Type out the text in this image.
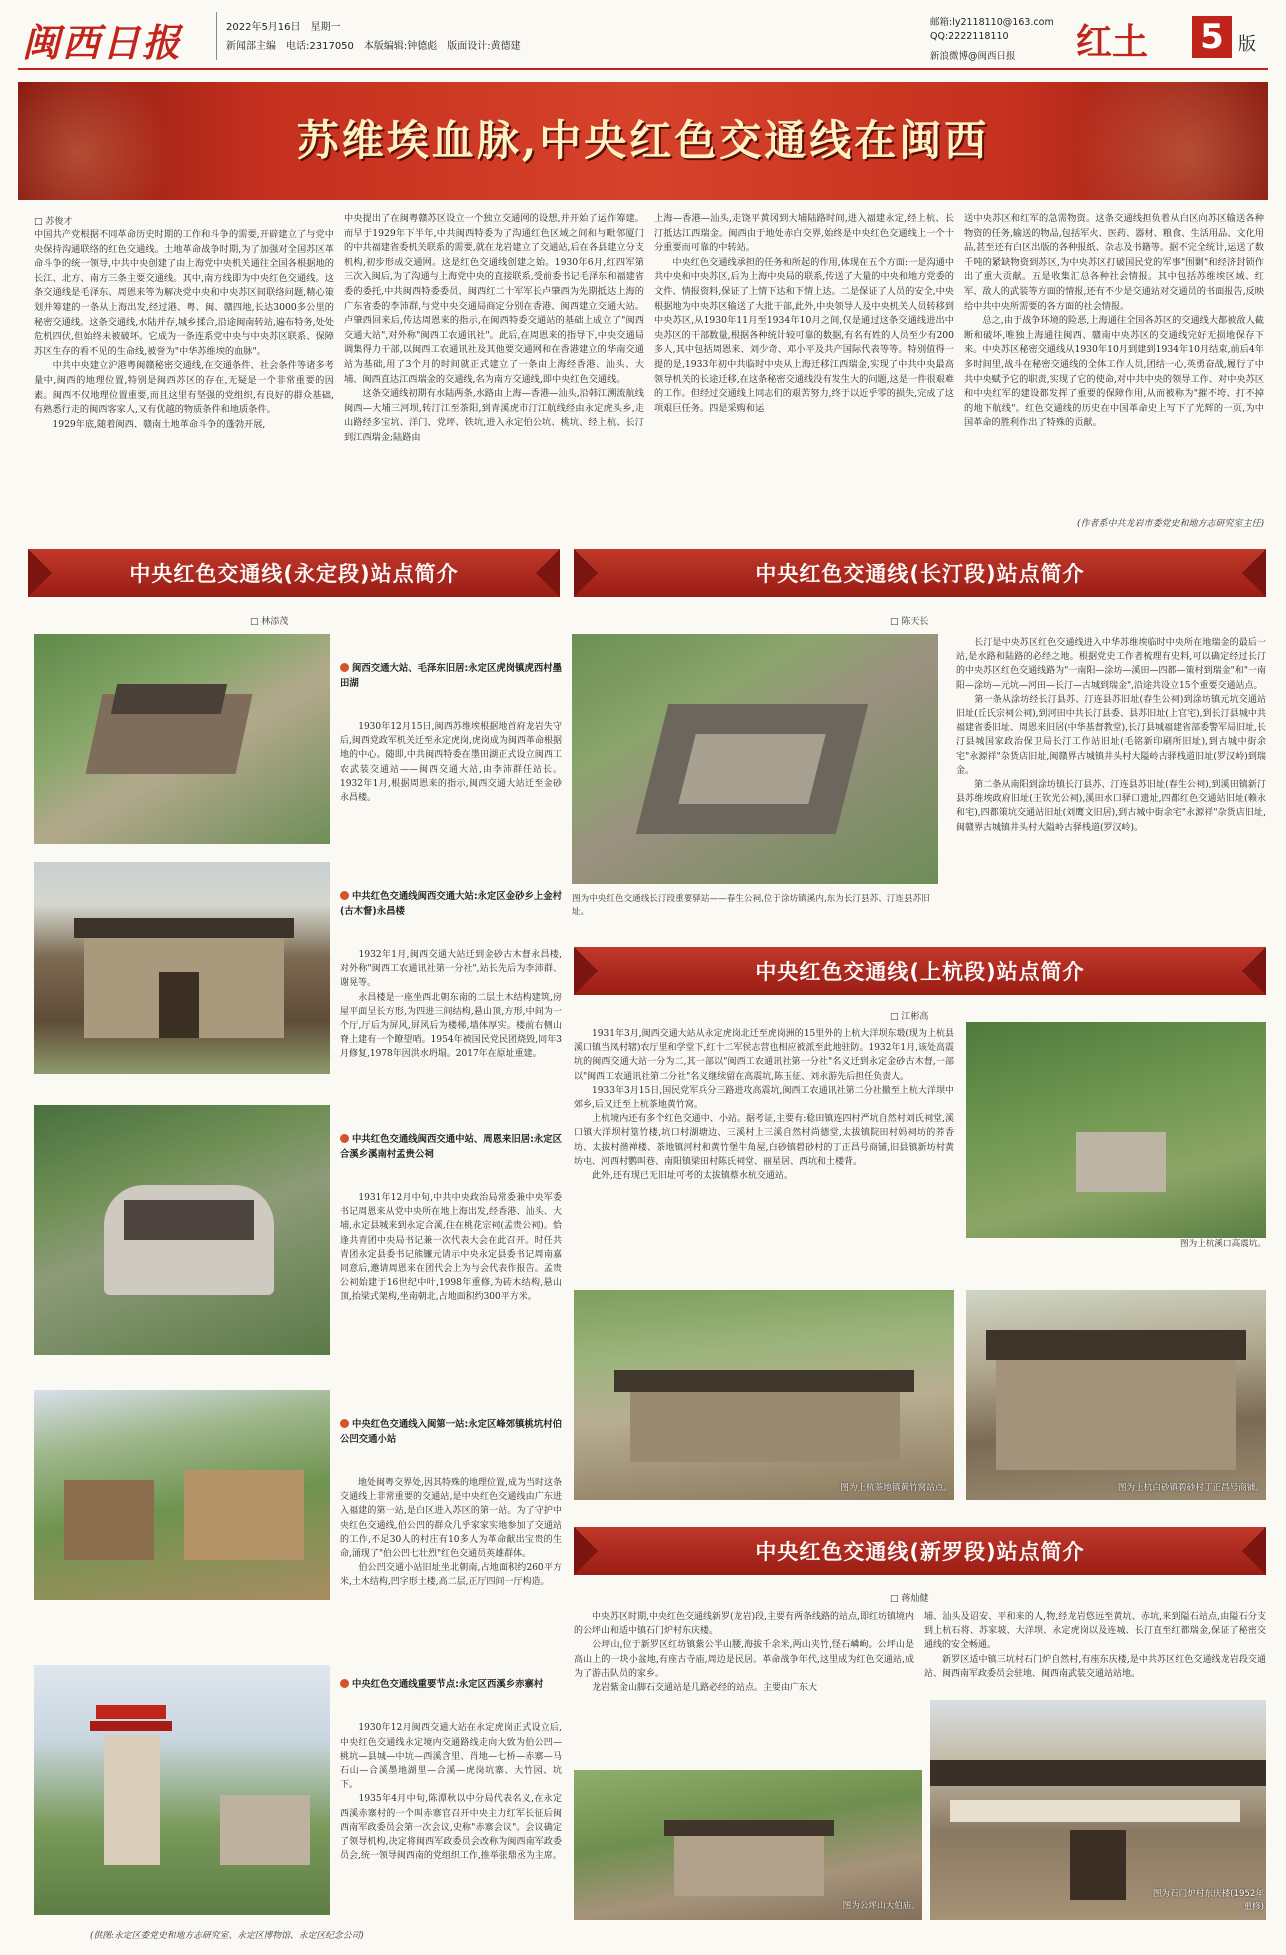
闽西日报	2022年5月16日　星期一
新闻部主编　电话:2317050　本版编辑:钟德彪　版面设计:黄德建
邮箱:ly2118110@163.com
QQ:2222118110
新浪微博@闽西日报 红土 5 版
苏维埃血脉,中央红色交通线在闽西
□ 苏俊才
中国共产党根据不同革命历史时期的工作和斗争的需要,开辟建立了与党中央保持沟通联络的红色交通线。土地革命战争时期,为了加强对全国苏区革命斗争的统一领导,中共中央创建了由上海党中央机关通往全国各根据地的长江、北方、南方三条主要交通线。其中,南方线即为中央红色交通线。这条交通线是毛泽东、周恩来等为解决党中央和中央苏区间联络问题,精心策划并筹建的一条从上海出发,经过港、粤、闽、赣四地,长达3000多公里的秘密交通线。这条交通线,水陆并存,城乡揉合,沿途闽南转站,遍布特务,处处危机四伏,但始终未被破坏。它成为一条连系党中央与中央苏区联系、保障苏区生存的看不见的生命线,被誉为"中华苏维埃的血脉"。
　　中共中央建立沪港粤闽赣秘密交通线,在交通条件、社会条件等诸多考量中,闽西的地理位置,特别是闽西苏区的存在,无疑是一个非常重要的因素。闽西不仅地理位置重要,而且这里有坚强的党组织,有良好的群众基础,有熟悉行走的闽西客家人,又有优越的物质条件和地质条件。
　　1929年底,随着闽西、赣南土地革命斗争的蓬勃开展,
中央提出了在闽粤赣苏区设立一个独立交通网的设想,并开始了运作筹建。而早于1929年下半年,中共闽西特委为了沟通红色区域之间和与毗邻厦门的中共福建省委机关联系的需要,就在龙岩建立了交通站,后在各县建立分支机构,初步形成交通网。这是红色交通线创建之始。1930年6月,红四军第三次入闽后,为了沟通与上海党中央的直接联系,受前委书记毛泽东和福建省委的委托,中共闽西特委委员、闽西红二十军军长卢肇西为先期抵达上海的广东省委的李沛群,与党中央交通局商定分别在香港、闽西建立交通大站。卢肇西回来后,传达周恩来的指示,在闽西特委交通站的基础上成立了"闽西交通大站",对外称"闽西工农通讯社"。此后,在周恩来的指导下,中央交通局调集得力干部,以闽西工农通讯社及其他要交通网和在香港建立的华南交通站为基础,用了3个月的时间就正式建立了一条由上海经香港、汕头、大埔、闽西直达江西瑞金的交通线,名为南方交通线,即中央红色交通线。
　　这条交通线初期有水陆两条,水路由上海—香港—汕头,沿韩江溯流航线闽西—大埔三河坝,转汀江至茶阳,到青溪虎市汀江航线经由永定虎头乡,走山路经多宝坑、洋门、党坪、铁坑,进入永定伯公坑、桃坑、经上杭、长汀到江西瑞金;陆路由
上海—香港—汕头,走饶平黄冈到大埔陆路时间,进入福建永定,经上杭、长汀抵达江西瑞金。闽西由于地处赤白交界,始终是中央红色交通线上一个十分重要而可靠的中转站。
　　中央红色交通线承担的任务和所起的作用,体现在五个方面:一是沟通中共中央和中央苏区,后为上海中央局的联系,传送了大量的中央和地方党委的文件、情报资料,保证了上情下达和下情上达。二是保证了人员的安全,中央根据地为中央苏区输送了大批干部,此外,中央领导人及中央机关人员转移到中央苏区,从1930年11月至1934年10月之间,仅是通过这条交通线进出中央苏区的干部数量,根据各种统计较可靠的数据,有名有姓的人员至少有200多人,其中包括周恩来、刘少奇、邓小平及共产国际代表等等。特别值得一提的是,1933年初中共临时中央从上海迁移江西瑞金,实现了中共中央最高领导机关的长途迁移,在这条秘密交通线没有发生大的问题,这是一件很艰难的工作。但经过交通线上同志们的艰苦努力,终于以近乎零的损失,完成了这项艰巨任务。四是采购和运
送中央苏区和红军的急需物资。这条交通线担负着从白区向苏区输送各种物资的任务,输送的物品,包括军火、医药、器材、粮食、生活用品、文化用品,甚至还有白区出版的各种报纸、杂志及书籍等。据不完全统计,运送了数千吨的紧缺物资到苏区,为中央苏区打破国民党的军事"围剿"和经济封锁作出了重大贡献。五是收集汇总各种社会情报。其中包括苏维埃区域、红军、敌人的武装等方面的情报,还有不少是交通站对交通员的书面报告,反映给中共中央所需要的各方面的社会情报。
　　总之,由于战争环境的险恶,上海通往全国各苏区的交通线大都被敌人截断和破坏,唯独上海通往闽西、赣南中央苏区的交通线完好无损地保存下来。中央苏区秘密交通线从1930年10月到建到1934年10月结束,前后4年多时间里,战斗在秘密交通线的全体工作人员,团结一心,英勇奋战,履行了中共中央赋予它的职责,实现了它的使命,对中共中央的领导工作、对中央苏区和中央红军的建设都发挥了重要的保障作用,从而被称为"摧不垮、打不掉的地下航线"。红色交通线的历史在中国革命史上写下了光辉的一页,为中国革命的胜利作出了特殊的贡献。
(作者系中共龙岩市委党史和地方志研究室主任)
中央红色交通线(永定段)站点简介
□ 林添茂

闽西交通大站、毛泽东旧居:永定区虎岗镇虎西村墨田湖

　　1930年12月15日,闽西苏维埃根据地首府龙岩失守后,闽西党政军机关迁至永定虎岗,虎岗成为闽西革命根据地的中心。随即,中共闽西特委在墨田湖正式设立闽西工农武装交通站——闽西交通大站,由李沛群任站长。1932年1月,根据周恩来的指示,闽西交通大站迁至金砂永昌楼。

中共红色交通线闽西交通大站:永定区金砂乡上金村(古木督)永昌楼

　　1932年1月,闽西交通大站迁到金砂古木督永昌楼,对外称"闽西工农通讯社第一分社",站长先后为李沛群、谢晃等。
　　永昌楼是一座坐西北朝东南的二层土木结构建筑,房屋平面呈长方形,为四进三间结构,悬山顶,方形,中间为一个厅,厅后为屏风,屏风后为楼梯,墙体厚实。楼前右侧山脊上建有一个瞭望哨。1954年被国民党民团烧毁,同年3月修复,1978年因洪水坍塌。2017年在原址重建。

中共红色交通线闽西交通中站、周恩来旧居:永定区合溪乡溪南村孟贵公祠

　　1931年12月中旬,中共中央政治局常委兼中央军委书记周恩来从党中央所在地上海出发,经香港、汕头、大埔,永定县城来到永定合溪,住在桃花宗祠(孟贵公祠)。恰逢共青团中央局书记兼一次代表大会在此召开。时任共青团永定县委书记熊镰元请示中央永定县委书记周南嘉同意后,邀请周恩来在团代会上为与会代表作报告。孟贵公祠始建于16世纪中叶,1998年重修,为砖木结构,悬山顶,抬梁式架构,坐南朝北,占地面积约300平方米。

中央红色交通线入闽第一站:永定区峰郊镇桃坑村伯公凹交通小站

　　地处闽粤交界处,因其特殊的地理位置,成为当时这条交通线上非常重要的交通站,是中央红色交通线由广东进入福建的第一站,是白区进入苏区的第一站。为了守护中央红色交通线,伯公凹的群众几乎家家实地参加了交通站的工作,不足30人的村庄有10多人为革命献出宝贵的生命,涌现了"伯公凹七壮烈"红色交通员英雄群体。
　　伯公凹交通小站旧址坐北朝南,占地面积约260平方米,土木结构,凹字形土楼,高二层,正厅四间一厅构造。

中央红色交通线重要节点:永定区西溪乡赤寨村

　　1930年12月闽西交通大站在永定虎岗正式设立后,中央红色交通线永定境内交通路线走向大致为伯公凹—桃坑—县城—中坑—西溪含里、肖地—七桥—赤寨—马石山—合溪墨地湖里—合溪—虎岗坑寨、大竹园、坑下。
　　1935年4月中旬,陈潭秋以中分局代表名义,在永定西溪赤寨村的一个叫赤寨官召开中央主力红军长征后闽西南军政委员会第一次会议,史称"赤寨会议"。会议确定了领导机构,决定将闽西军政委员会改称为闽西南军政委员会,统一领导闽西南的党组织工作,推举张鼎丞为主席。

(供图:永定区委党史和地方志研究室、永定区博物馆、永定区纪念公司)
中央红色交通线(长汀段)站点简介
□ 陈天长
图为中央红色交通线长汀段重要驿站——春生公祠,位于涂坊镇溪内,东为长汀县苏、汀连县苏旧址。
　　长汀是中央苏区红色交通线进入中华苏维埃临时中央所在地瑞金的最后一站,是水路和陆路的必经之地。根据党史工作者梳理有史料,可以确定经过长汀的中央苏区红色交通线路为"一南阳—涂坊—溪田—四都—策村到瑞金"和"一南阳—涂坊—元坑—河田—长汀—古城到瑞金",沿途共设立15个重要交通站点。
　　第一条从涂坊经长汀县苏、汀连县苏旧址(春生公祠)到涂坊镇元坑交通站旧址(丘氏宗祠公祠),到河田中共长汀县委、县苏旧址(上官宅),到长汀县城中共福建省委旧址、周恩来旧居(中华基督教堂),长汀县城福建省部委警军局旧址,长汀县城国家政治保卫局长汀工作站旧址(毛铭新印刷所旧址),到古城中街余宅"永源祥"杂货店旧址,闽赣界古城镇井头村大隘岭古驿栈道旧址(罗汉岭)到瑞金。
　　第二条从南阳到涂坊镇长汀县苏、汀连县苏旧址(春生公祠),到溪田镇新汀县苏维埃政府旧址(王钦光公祠),溪田水口驿口遗址,四都红色交通站旧址(赖永和宅),四都策坑交通站旧址(刘鹰文旧居),到古城中街余宅"永源祥"杂货店旧址,闽赣界古城镇井头村大隘岭古驿栈道(罗汉岭)。
中央红色交通线(上杭段)站点简介
□ 江彬高
　　1931年3月,闽西交通大站从永定虎岗北迁至虎岗洲的15里外的上杭大洋坝东塅(现为上杭县溪口镇当凤村辖)农厅里和学堂下,红十二军侯志营也相应被派至此地驻防。1932年1月,该处高震坑的闽西交通大站一分为二,其一部以"闽西工农通讯社第一分社"名义迁到永定金砂古木督,一部以"闽西工农通讯社第二分社"名义继续留在高震坑,陈玉征、刘永游先后担任负责人。
　　1933年3月15日,国民党军兵分三路进攻高震坑,闽西工农通讯社第二分社撤至上杭大洋坝中郊乡,后又迁至上杭茶地黄竹窝。
　　上杭境内还有多个红色交通中、小站。据考证,主要有:稔田镇连四村严坑自然村刘氏祠堂,溪口镇大洋坝村篁竹楼,坑口村湖塘边、三溪村上三溪自然村尚德堂,太拔镇院田村妈祠坊的荞香坊、太拔村凿禅楼、茶地镇河村和黄竹堡牛角屋,白砂镇碧砂村的丁正昌号商铺,旧县镇新坊村黄坊屯、河西村鹦叫巷、南阳镇梁田村陈氏祠堂、丽星居、西坑和土楼背。
　　此外,还有现已无旧址可考的太拔镇蔡水杭交通站。
图为上杭溪口高震坑。
图为上杭茶地镇黄竹窝站点。	图为上杭白砂镇碧砂村丁正昌号商铺。
中央红色交通线(新罗段)站点简介
□ 蒋灿健
　　中央苏区时期,中央红色交通线新罗(龙岩)段,主要有两条线路的站点,即红坊镇境内的公坪山和适中镇石门炉村东庆楼。
　　公坪山,位于新罗区红坊镇紫公半山腰,海拔千余米,两山夹竹,怪石嶙峋。公坪山是高山上的一块小盆地,有座古寺庙,周边是民居。革命战争年代,这里成为红色交通站,成为了游击队员的家乡。
　　龙岩紫金山脚石交通站是几路必经的站点。主要由广东大
埔、汕头及诏安、平和来的人,物,经龙岩悠远至黄坑、赤坑,来到隘石站点,由隘石分支到上杭石将、苏家坡、大洋坝、永定虎岗以及连城、长汀直至红都瑞金,保证了秘密交通线的安全畅通。
　　新罗区适中镇三坑村石门炉自然村,有座东庆楼,是中共苏区红色交通线龙岩段交通站、闽西南军政委员会驻地、闽西南武装交通站站地。
图为公坪山大伯庙。
图为石门炉村东庆楼(1952年重修)
